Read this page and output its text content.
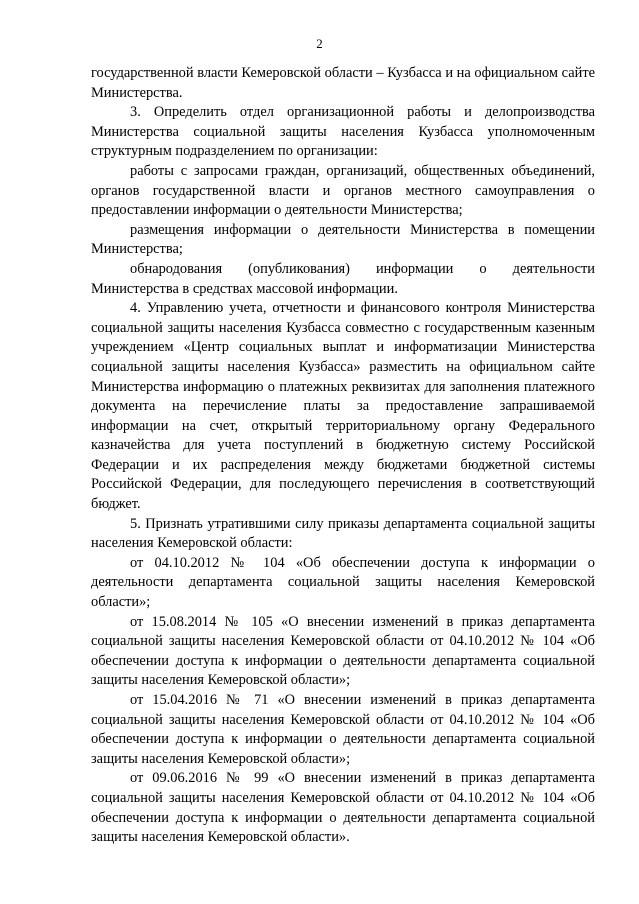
2

государственной власти Кемеровской области – Кузбасса и на официальном сайте Министерства.

3. Определить отдел организационной работы и делопроизводства Министерства социальной защиты населения Кузбасса уполномоченным структурным подразделением по организации:

работы с запросами граждан, организаций, общественных объединений, органов государственной власти и органов местного самоуправления о предоставлении информации о деятельности Министерства;

размещения информации о деятельности Министерства в помещении Министерства;

обнародования (опубликования) информации о деятельности Министерства в средствах массовой информации.

4. Управлению учета, отчетности и финансового контроля Министерства социальной защиты населения Кузбасса совместно с государственным казенным учреждением «Центр социальных выплат и информатизации Министерства социальной защиты населения Кузбасса» разместить на официальном сайте Министерства информацию о платежных реквизитах для заполнения платежного документа на перечисление платы за предоставление запрашиваемой информации на счет, открытый территориальному органу Федерального казначейства для учета поступлений в бюджетную систему Российской Федерации и их распределения между бюджетами бюджетной системы Российской Федерации, для последующего перечисления в соответствующий бюджет.

5. Признать утратившими силу приказы департамента социальной защиты населения Кемеровской области:

от 04.10.2012 № 104 «Об обеспечении доступа к информации о деятельности департамента социальной защиты населения Кемеровской области»;

от 15.08.2014 № 105 «О внесении изменений в приказ департамента социальной защиты населения Кемеровской области от 04.10.2012 № 104 «Об обеспечении доступа к информации о деятельности департамента социальной защиты населения Кемеровской области»;

от 15.04.2016 № 71 «О внесении изменений в приказ департамента социальной защиты населения Кемеровской области от 04.10.2012 № 104 «Об обеспечении доступа к информации о деятельности департамента социальной защиты населения Кемеровской области»;

от 09.06.2016 № 99 «О внесении изменений в приказ департамента социальной защиты населения Кемеровской области от 04.10.2012 № 104 «Об обеспечении доступа к информации о деятельности департамента социальной защиты населения Кемеровской области».
